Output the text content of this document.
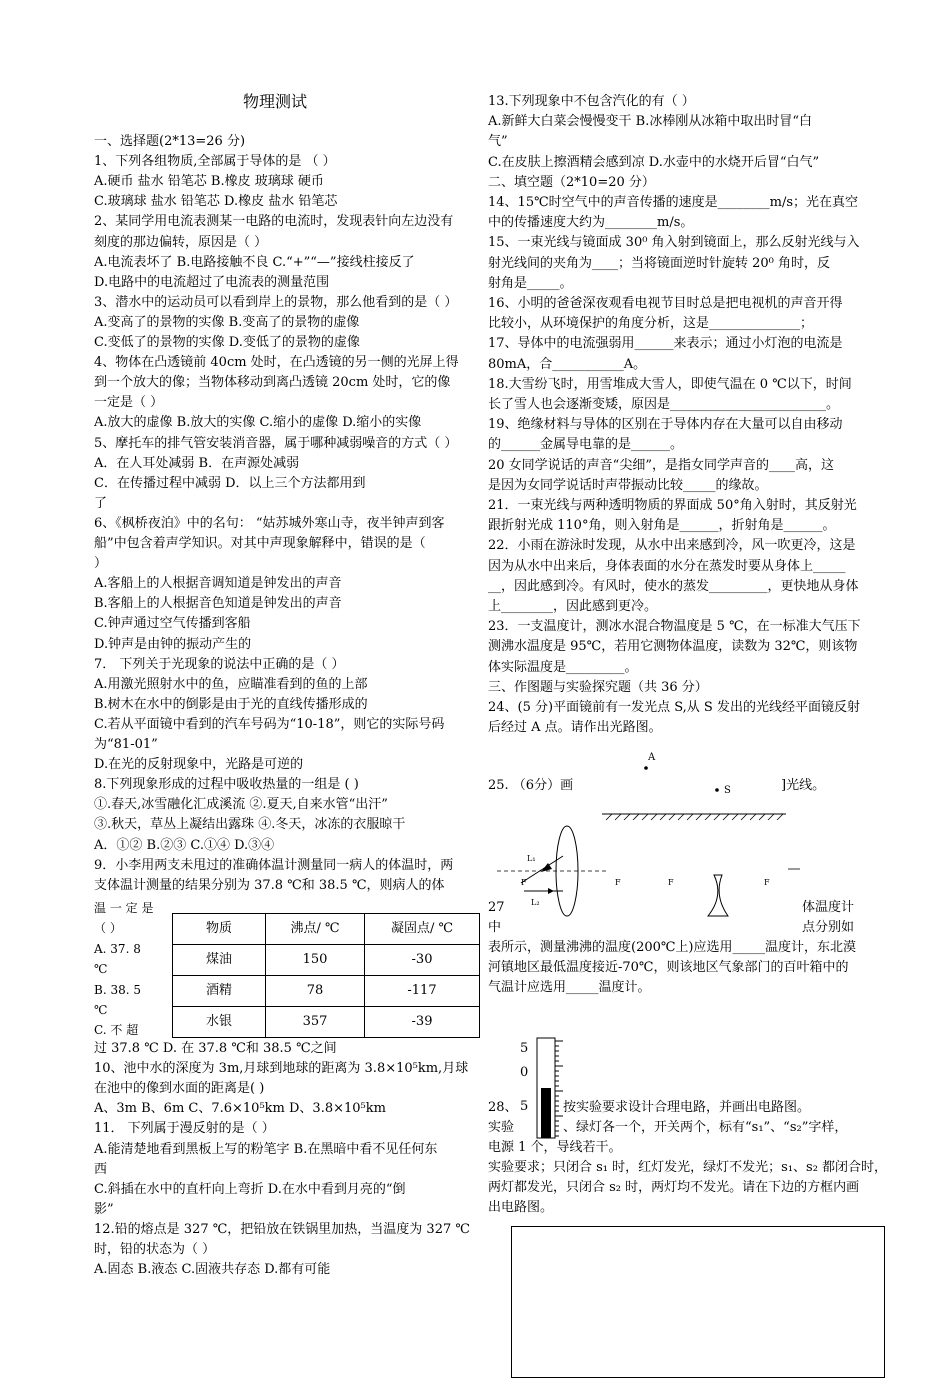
物理测试
一、选择题(2*13=26 分)
1、下列各组物质,全部属于导体的是 （ ）
A.硬币 盐水 铅笔芯 B.橡皮 玻璃球 硬币
C.玻璃球 盐水 铅笔芯 D.橡皮 盐水 铅笔芯
2、某同学用电流表测某一电路的电流时，发现表针向左边没有
刻度的那边偏转，原因是（ ）
A.电流表坏了 B.电路接触不良 C.“+”“—”接线柱接反了
D.电路中的电流超过了电流表的测量范围
3、潜水中的运动员可以看到岸上的景物，那么他看到的是（ ）
A.变高了的景物的实像 B.变高了的景物的虚像
C.变低了的景物的实像 D.变低了的景物的虚像
4、物体在凸透镜前 40cm 处时，在凸透镜的另一侧的光屏上得
到一个放大的像；当物体移动到离凸透镜 20cm 处时，它的像
一定是（ ）
A.放大的虚像 B.放大的实像 C.缩小的虚像 D.缩小的实像
5、摩托车的排气管安装消音器，属于哪种减弱噪音的方式（ ）
A．在人耳处减弱 B．在声源处减弱
C．在传播过程中减弱 D．以上三个方法都用到
了
6、《枫桥夜泊》中的名句： “姑苏城外寒山寺，夜半钟声到客
船”中包含着声学知识。对其中声现象解释中，错误的是（
）
A.客船上的人根据音调知道是钟发出的声音
B.客船上的人根据音色知道是钟发出的声音
C.钟声通过空气传播到客船
D.钟声是由钟的振动产生的
7． 下列关于光现象的说法中正确的是（ ）
A.用激光照射水中的鱼，应瞄准看到的鱼的上部
B.树木在水中的倒影是由于光的直线传播形成的
C.若从平面镜中看到的汽车号码为“10-18”，则它的实际号码
为“81-01”
D.在光的反射现象中，光路是可逆的
8.下列现象形成的过程中吸收热量的一组是 ( )
①.春天,冰雪融化汇成溪流 ②.夏天,自来水管“出汗”
③.秋天，草丛上凝结出露珠 ④.冬天，冰冻的衣服晾干
A．①② B.②③ C.①④ D.③④
9．小李用两支未甩过的准确体温计测量同一病人的体温时，两
支体温计测量的结果分别为 37.8 ℃和 38.5 ℃，则病人的体
温 一 定 是
（ ）
A. 37. 8
℃
B. 38. 5
℃
C. 不 超
物质	沸点/ ℃	凝固点/ ℃
煤油	150	-30
酒精	78	-117
水银	357	-39
过 37.8 ℃ D. 在 37.8 ℃和 38.5 ℃之间
10、池中水的深度为 3m,月球到地球的距离为 3.8×10⁵km,月球
在池中的像到水面的距离是( )
A、3m B、6m C、7.6×10⁵km D、3.8×10⁵km
11． 下列属于漫反射的是（ ）
A.能清楚地看到黑板上写的粉笔字 B.在黑暗中看不见任何东
西
C.斜插在水中的直杆向上弯折 D.在水中看到月亮的“倒
影”
12.铅的熔点是 327 ℃，把铅放在铁锅里加热，当温度为 327 ℃
时，铅的状态为（ ）
A.固态 B.液态 C.固液共存态 D.都有可能
13.下列现象中不包含汽化的有（ ）
A.新鲜大白菜会慢慢变干 B.冰棒刚从冰箱中取出时冒“白
气”
C.在皮肤上擦酒精会感到凉 D.水壶中的水烧开后冒“白气”
二、填空题（2*10=20 分）
14、15℃时空气中的声音传播的速度是________m/s；光在真空
中的传播速度大约为________m/s。
15、一束光线与镜面成 30⁰ 角入射到镜面上，那么反射光线与入
射光线间的夹角为____；当将镜面逆时针旋转 20⁰ 角时，反
射角是_____。
16、小明的爸爸深夜观看电视节目时总是把电视机的声音开得
比较小，从环境保护的角度分析，这是______________；
17、导体中的电流强弱用______来表示；通过小灯泡的电流是
80mA，合___________A。
18.大雪纷飞时，用雪堆成大雪人，即使气温在 0 ℃以下，时间
长了雪人也会逐渐变矮，原因是________________________。
19、绝缘材料与导体的区别在于导体内存在大量可以自由移动
的______金属导电靠的是______。
20 女同学说话的声音“尖细”，是指女同学声音的____高，这
是因为女同学说话时声带振动比较_____的缘故。
21．一束光线与两种透明物质的界面成 50°角入射时，其反射光
跟折射光成 110°角，则入射角是______，折射角是______。
22．小雨在游泳时发现，从水中出来感到冷，风一吹更冷，这是
因为从水中出来后，身体表面的水分在蒸发时要从身体上_____
__，因此感到冷。有风时，使水的蒸发_________，更快地从身体
上________，因此感到更冷。
23．一支温度计，测冰水混合物温度是 5 ℃，在一标准大气压下
测沸水温度是 95℃，若用它测物体温度，读数为 32℃，则该物
体实际温度是_________。
三、作图题与实验探究题（共 36 分）
24、(5 分)平面镜前有一发光点 S,从 S 发出的光线经平面镜反射
后经过 A 点。请作出光路图。
A
S
25. （6分）画	]光线。
L₁
L₂
F	F	F	F
27	体温度计
中	点分别如
表所示，测量沸沸的温度(200℃上)应选用_____温度计，东北漠
河镇地区最低温度接近-70℃，则该地区气象部门的百叶箱中的
气温计应选用_____温度计。
5
0
5
28、	按实验要求设计合理电路，并画出电路图。
实验	、绿灯各一个，开关两个，标有“s₁”、“s₂”字样，
电源 1 个，导线若干。
实验要求；只闭合 s₁ 时，红灯发光，绿灯不发光；s₁、s₂ 都闭合时，
两灯都发光，只闭合 s₂ 时，两灯均不发光。请在下边的方框内画
出电路图。
